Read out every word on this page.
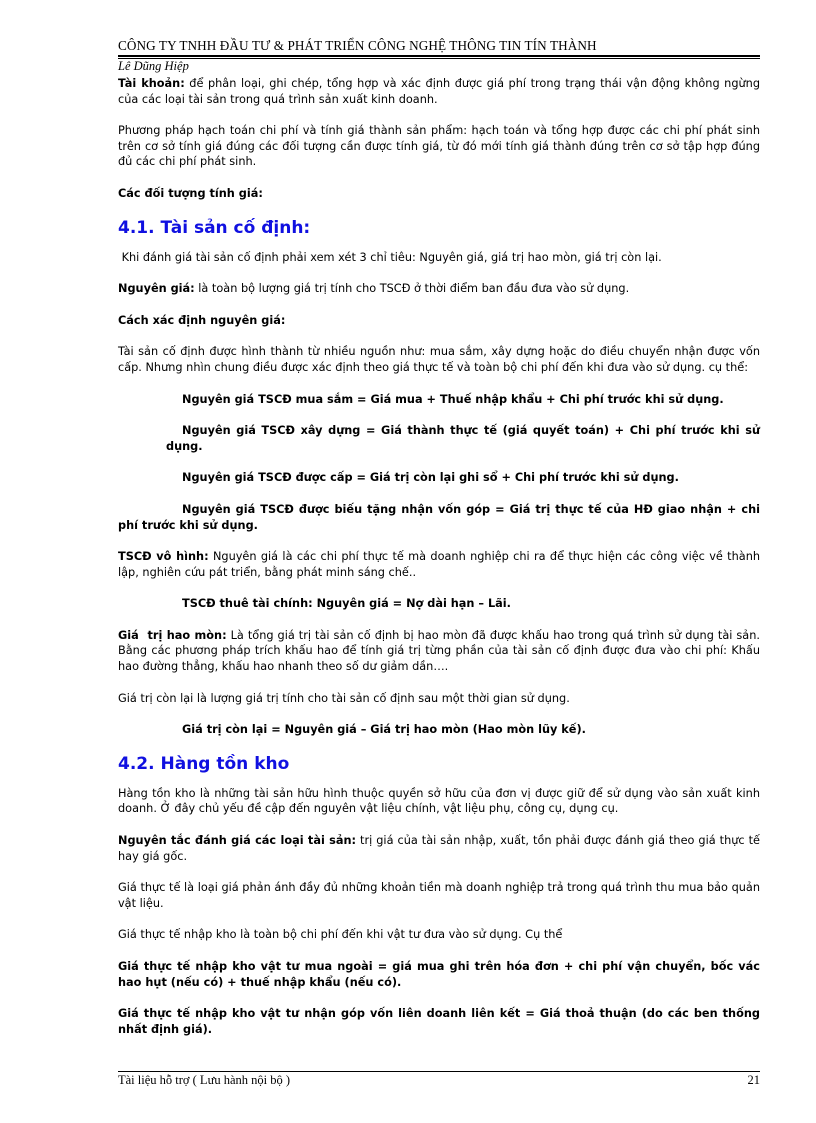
CÔNG TY TNHH ĐẦU TƯ & PHÁT TRIỂN CÔNG NGHỆ THÔNG TIN TÍN THÀNH
Lê Dũng Hiệp

Tài khoản: để phân loại, ghi chép, tổng hợp và xác định được giá phí trong trạng thái vận động không ngừng của các loại tài sản trong quá trình sản xuất kinh doanh.

Phương pháp hạch toán chi phí và tính giá thành sản phẩm: hạch toán và tổng hợp được các chi phí phát sinh trên cơ sở tính giá đúng các đối tượng cần được tính giá, từ đó mới tính giá thành đúng trên cơ sở tập hợp đúng đủ các chi phí phát sinh.

Các đối tượng tính giá:

4.1. Tài sản cố định:

Khi đánh giá tài sản cố định phải xem xét 3 chỉ tiêu: Nguyên giá, giá trị hao mòn, giá trị còn lại.

Nguyên giá: là toàn bộ lượng giá trị tính cho TSCĐ ở thời điểm ban đầu đưa vào sử dụng.

Cách xác định nguyên giá:

Tài sản cố định được hình thành từ nhiều nguồn như: mua sắm, xây dựng hoặc do điều chuyển nhận được vốn cấp. Nhưng nhìn chung điều được xác định theo giá thực tế và toàn bộ chi phí đến khi đưa vào sử dụng. cụ thể:

Nguyên giá TSCĐ mua sắm = Giá mua + Thuế nhập khẩu + Chi phí trước khi sử dụng.

Nguyên giá TSCĐ xây dựng = Giá thành thực tế (giá quyết toán) + Chi phí trước khi sử dụng.

Nguyên giá TSCĐ được cấp = Giá trị còn lại ghi sổ + Chi phí trước khi sử dụng.

Nguyên giá TSCĐ được biếu tặng nhận vốn góp = Giá trị thực tế của HĐ giao nhận + chi phí trước khi sử dụng.

TSCĐ vô hình: Nguyên giá là các chi phí thực tế mà doanh nghiệp chi ra để thực hiện các công việc về thành lập, nghiên cứu pát triển, bằng phát minh sáng chế..

TSCĐ thuê tài chính: Nguyên giá = Nợ dài hạn – Lãi.

Giá  trị hao mòn: Là tổng giá trị tài sản cố định bị hao mòn đã được khấu hao trong quá trình sử dụng tài sản. Bằng các phương pháp trích khấu hao để tính giá trị từng phần của tài sản cố định được đưa vào chi phí: Khấu hao đường thẳng, khấu hao nhanh theo số dư giảm dần….

Giá trị còn lại là lượng giá trị tính cho tài sản cố định sau một thời gian sử dụng.

Giá trị còn lại = Nguyên giá – Giá trị hao mòn (Hao mòn lũy kế).

4.2. Hàng tồn kho

Hàng tồn kho là những tài sản hữu hình thuộc quyền sở hữu của đơn vị được giữ để sử dụng vào sản xuất kinh doanh. Ở đây chủ yếu đề cập đến nguyên vật liệu chính, vật liệu phụ, công cụ, dụng cụ.

Nguyên tắc đánh giá các loại tài sản: trị giá của tài sản nhập, xuất, tồn phải được đánh giá theo giá thực tế hay giá gốc.

Giá thực tế là loại giá phản ánh đầy đủ những khoản tiền mà doanh nghiệp trả trong quá trình thu mua bảo quản vật liệu.

Giá thực tế nhập kho là toàn bộ chi phí đến khi vật tư đưa vào sử dụng. Cụ thể

Giá thực tế nhập kho vật tư mua ngoài = giá mua ghi trên hóa đơn + chi phí vận chuyển, bốc vác hao hụt (nếu có) + thuế nhập khẩu (nếu có).

Giá thực tế nhập kho vật tư nhận góp vốn liên doanh liên kết = Giá thoả thuận (do các ben thống nhất định giá).

Tài liệu hỗ trợ ( Lưu hành nội bộ )	21
